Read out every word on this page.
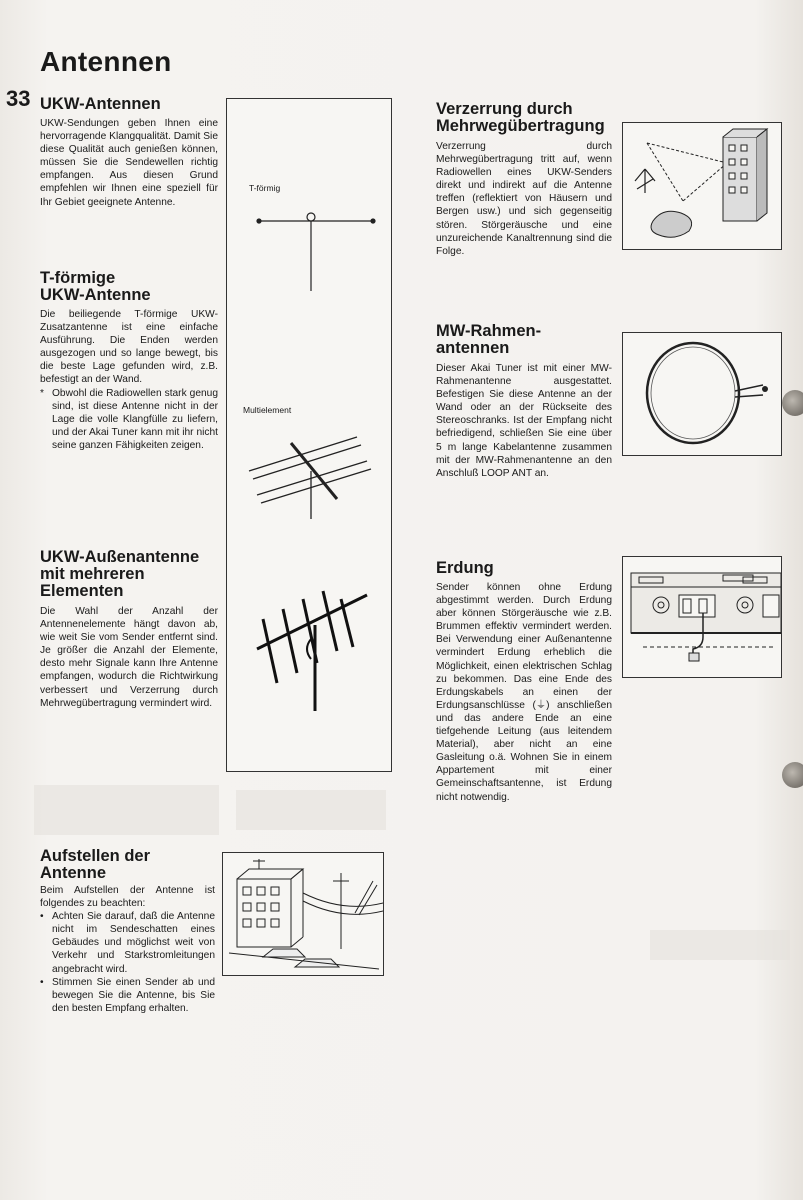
Antennen
33 UKW-Antennen

UKW-Sendungen geben Ihnen eine hervorragende Klangqualität. Damit Sie diese Qualität auch genießen können, müssen Sie die Sendewellen richtig empfangen. Aus diesen Grund empfehlen wir Ihnen eine speziell für Ihr Gebiet geeignete Antenne.

T-förmige
UKW-Antenne

Die beiliegende T-förmige UKW-Zusatzantenne ist eine einfache Ausführung. Die Enden werden ausgezogen und so lange bewegt, bis die beste Lage gefunden wird, z.B. befestigt an der Wand.

* Obwohl die Radiowellen stark genug sind, ist diese Antenne nicht in der Lage die volle Klangfülle zu liefern, und der Akai Tuner kann mit ihr nicht seine ganzen Fähigkeiten zeigen.

UKW-Außenantenne
mit mehreren
Elementen

Die Wahl der Anzahl der Antennenelemente hängt davon ab, wie weit Sie vom Sender entfernt sind. Je größer die Anzahl der Elemente, desto mehr Signale kann Ihre Antenne empfangen, wodurch die Richtwirkung verbessert und Verzerrung durch Mehrwegübertragung vermindert wird.

Aufstellen der
Antenne

Beim Aufstellen der Antenne ist folgendes zu beachten:

• Achten Sie darauf, daß die Antenne nicht im Sendeschatten eines Gebäudes und möglichst weit von Verkehr und Starkstromleitungen angebracht wird.

• Stimmen Sie einen Sender ab und bewegen Sie die Antenne, bis Sie den besten Empfang erhalten.

T-förmig
Multielement
Verzerrung durch
Mehrwegübertragung

Verzerrung durch Mehrwegübertragung tritt auf, wenn Radiowellen eines UKW-Senders direkt und indirekt auf die Antenne treffen (reflektiert von Häusern und Bergen usw.) und sich gegenseitig stören. Störgeräusche und eine unzureichende Kanaltrennung sind die Folge.

MW-Rahmen-
antennen

Dieser Akai Tuner ist mit einer MW-Rahmenantenne ausgestattet. Befestigen Sie diese Antenne an der Wand oder an der Rückseite des Stereoschranks. Ist der Empfang nicht befriedigend, schließen Sie eine über 5 m lange Kabelantenne zusammen mit der MW-Rahmenantenne an den Anschluß LOOP ANT an.

Erdung

Sender können ohne Erdung abgestimmt werden. Durch Erdung aber können Störgeräusche wie z.B. Brummen effektiv vermindert werden. Bei Verwendung einer Außenantenne vermindert Erdung erheblich die Möglichkeit, einen elektrischen Schlag zu bekommen. Das eine Ende des Erdungskabels an einen der Erdungsanschlüsse (⏚) anschließen und das andere Ende an eine tiefgehende Leitung (aus leitendem Material), aber nicht an eine Gasleitung o.ä. Wohnen Sie in einem Appartement mit einer Gemeinschaftsantenne, ist Erdung nicht notwendig.
